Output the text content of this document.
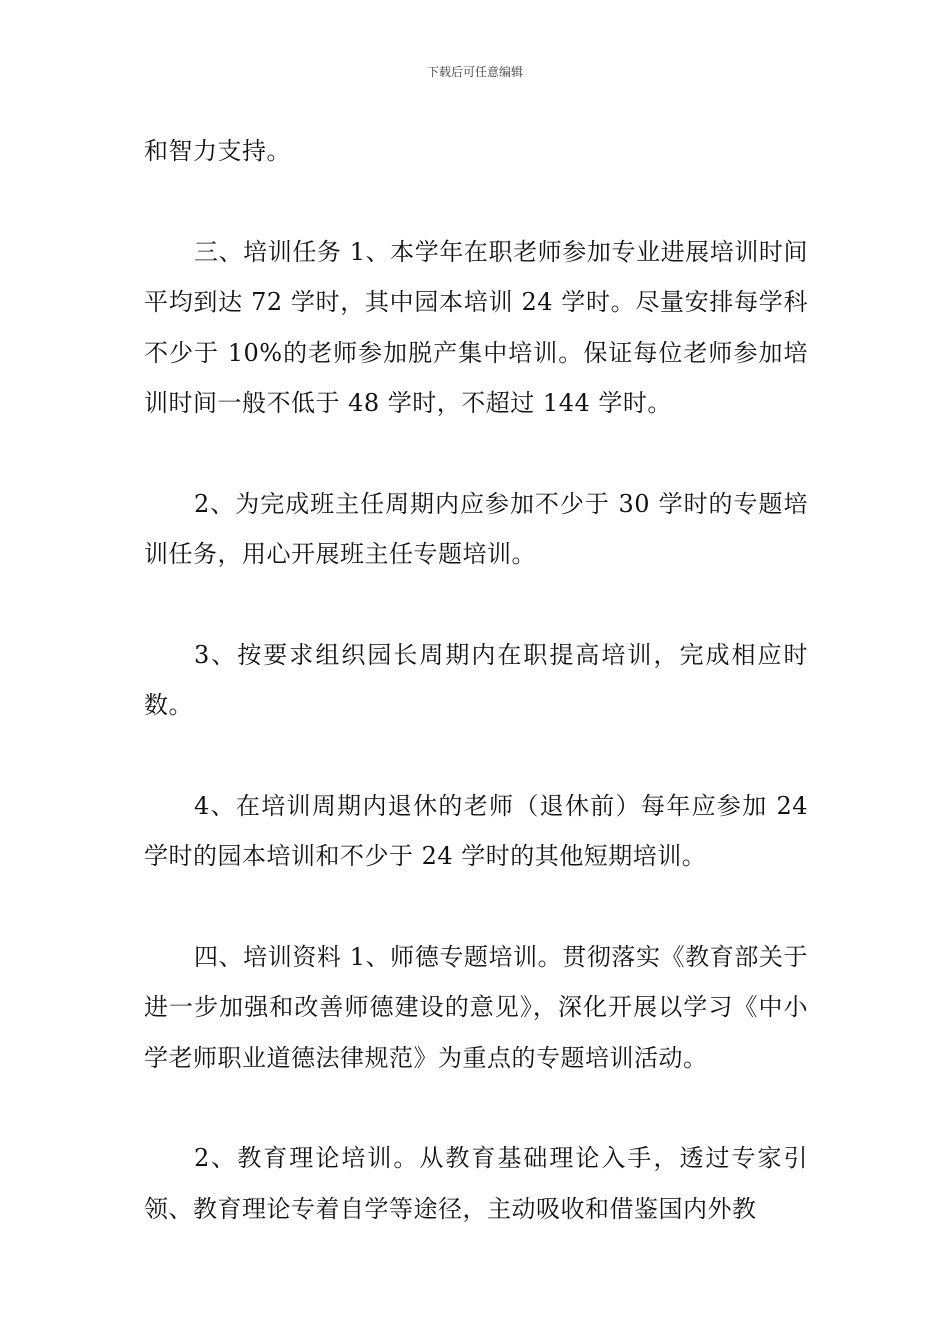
下载后可任意编辑

和智力支持。

三、培训任务 1、本学年在职老师参加专业进展培训时间平均到达 72 学时，其中园本培训 24 学时。尽量安排每学科不少于 10%的老师参加脱产集中培训。保证每位老师参加培训时间一般不低于 48 学时，不超过 144 学时。

2、为完成班主任周期内应参加不少于 30 学时的专题培训任务，用心开展班主任专题培训。

3、按要求组织园长周期内在职提高培训，完成相应时数。

4、在培训周期内退休的老师（退休前）每年应参加 24 学时的园本培训和不少于 24 学时的其他短期培训。

四、培训资料 1、师德专题培训。贯彻落实《教育部关于进一步加强和改善师德建设的意见》，深化开展以学习《中小学老师职业道德法律规范》为重点的专题培训活动。

2、教育理论培训。从教育基础理论入手，透过专家引领、教育理论专着自学等途径，主动吸收和借鉴国内外教
